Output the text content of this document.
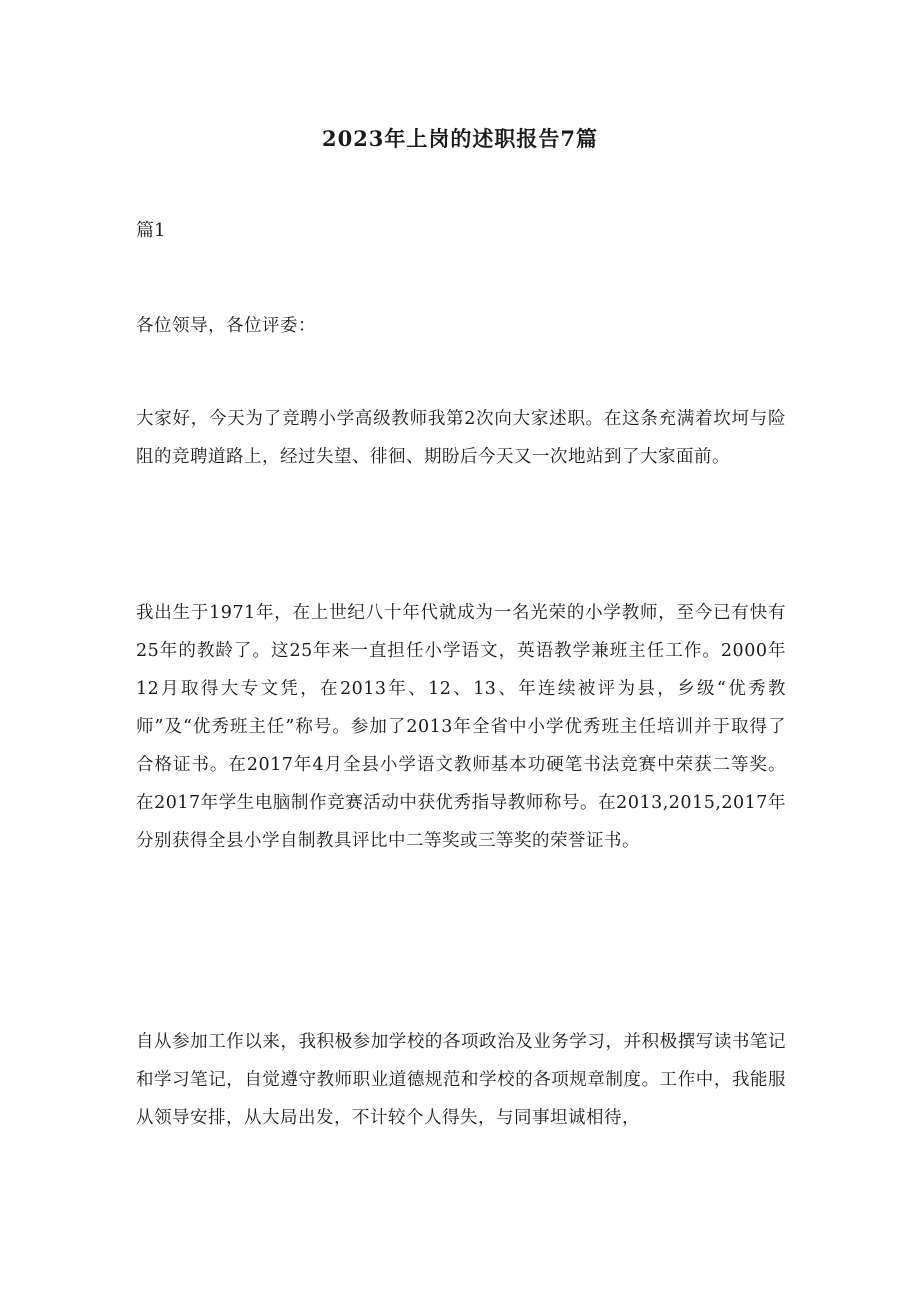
2023年上岗的述职报告7篇

篇1

各位领导，各位评委：

大家好，今天为了竞聘小学高级教师我第2次向大家述职。在这条充满着坎坷与险阻的竞聘道路上，经过失望、徘徊、期盼后今天又一次地站到了大家面前。

我出生于1971年，在上世纪八十年代就成为一名光荣的小学教师，至今已有快有25年的教龄了。这25年来一直担任小学语文，英语教学兼班主任工作。2000年12月取得大专文凭，在2013年、12、13、年连续被评为县，乡级“优秀教师”及“优秀班主任”称号。参加了2013年全省中小学优秀班主任培训并于取得了合格证书。在2017年4月全县小学语文教师基本功硬笔书法竞赛中荣获二等奖。在2017年学生电脑制作竞赛活动中获优秀指导教师称号。在2013,2015,2017年分别获得全县小学自制教具评比中二等奖或三等奖的荣誉证书。

自从参加工作以来，我积极参加学校的各项政治及业务学习，并积极撰写读书笔记和学习笔记，自觉遵守教师职业道德规范和学校的各项规章制度。工作中，我能服从领导安排，从大局出发，不计较个人得失，与同事坦诚相待，
